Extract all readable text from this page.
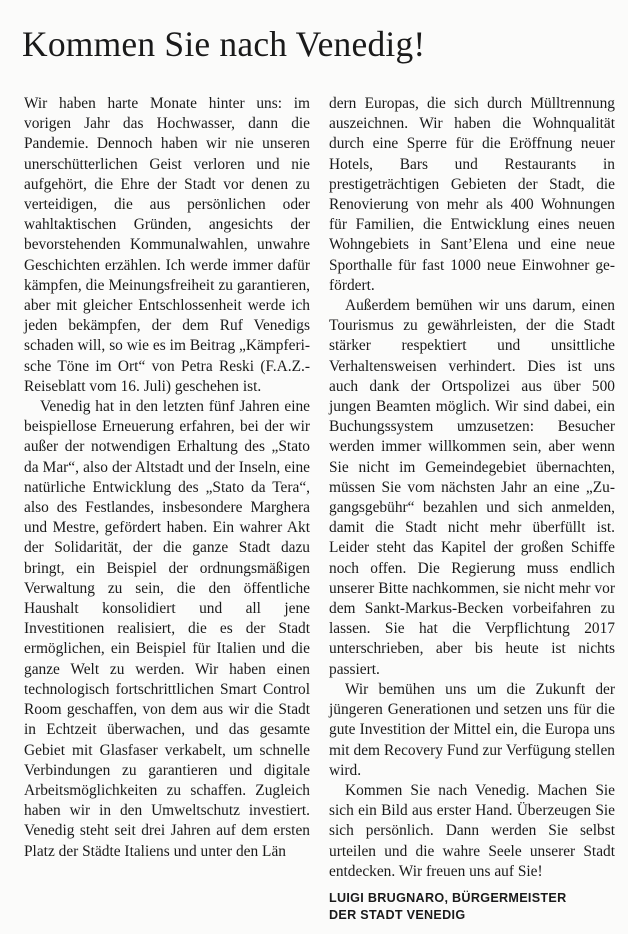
Kommen Sie nach Venedig!

Wir haben harte Monate hinter uns: im vorigen Jahr das Hochwasser, dann die Pandemie. Dennoch haben wir nie unseren unerschütterlichen Geist verloren und nie aufgehört, die Ehre der Stadt vor denen zu verteidigen, die aus persönlichen oder wahltaktischen Gründen, angesichts der bevorstehenden Kommunalwahlen, unwahre Geschichten erzählen. Ich werde immer dafür kämpfen, die Meinungsfreiheit zu garantieren, aber mit gleicher Entschlossenheit werde ich jeden bekämpfen, der dem Ruf Venedigs schaden will, so wie es im Beitrag „Kämpferische Töne im Ort“ von Petra Reski (F.A.Z.-Reiseblatt vom 16. Juli) geschehen ist.

Venedig hat in den letzten fünf Jahren eine beispiellose Erneuerung erfahren, bei der wir außer der notwendigen Erhaltung des „Stato da Mar“, also der Altstadt und der Inseln, eine natürliche Entwicklung des „Stato da Tera“, also des Festlandes, insbesondere Marghera und Mestre, gefördert haben. Ein wahrer Akt der Solidarität, der die ganze Stadt dazu bringt, ein Beispiel der ordnungsmäßigen Verwaltung zu sein, die den öffentliche Haushalt konsolidiert und all jene Investitionen realisiert, die es der Stadt ermöglichen, ein Beispiel für Italien und die ganze Welt zu werden. Wir haben einen technologisch fortschrittlichen Smart Control Room geschaffen, von dem aus wir die Stadt in Echtzeit überwachen, und das gesamte Gebiet mit Glasfaser verkabelt, um schnelle Verbindungen zu garantieren und digitale Arbeitsmöglichkeiten zu schaffen. Zugleich haben wir in den Umweltschutz investiert. Venedig steht seit drei Jahren auf dem ersten Platz der Städte Italiens und unter den Län

dern Europas, die sich durch Mülltrennung auszeichnen. Wir haben die Wohnqualität durch eine Sperre für die Eröffnung neuer Hotels, Bars und Restaurants in prestigeträchtigen Gebieten der Stadt, die Renovierung von mehr als 400 Wohnungen für Familien, die Entwicklung eines neuen Wohngebiets in Sant’Elena und eine neue Sporthalle für fast 1000 neue Einwohner gefördert.

Außerdem bemühen wir uns darum, einen Tourismus zu gewährleisten, der die Stadt stärker respektiert und unsittliche Verhaltensweisen verhindert. Dies ist uns auch dank der Ortspolizei aus über 500 jungen Beamten möglich. Wir sind dabei, ein Buchungssystem umzusetzen: Besucher werden immer willkommen sein, aber wenn Sie nicht im Gemeindegebiet übernachten, müssen Sie vom nächsten Jahr an eine „Zugangsgebühr“ bezahlen und sich anmelden, damit die Stadt nicht mehr überfüllt ist. Leider steht das Kapitel der großen Schiffe noch offen. Die Regierung muss endlich unserer Bitte nachkommen, sie nicht mehr vor dem Sankt-Markus-Becken vorbeifahren zu lassen. Sie hat die Verpflichtung 2017 unterschrieben, aber bis heute ist nichts passiert.

Wir bemühen uns um die Zukunft der jüngeren Generationen und setzen uns für die gute Investition der Mittel ein, die Europa uns mit dem Recovery Fund zur Verfügung stellen wird.

Kommen Sie nach Venedig. Machen Sie sich ein Bild aus erster Hand. Überzeugen Sie sich persönlich. Dann werden Sie selbst urteilen und die wahre Seele unserer Stadt entdecken. Wir freuen uns auf Sie!

LUIGI BRUGNARO, BÜRGERMEISTER
DER STADT VENEDIG
